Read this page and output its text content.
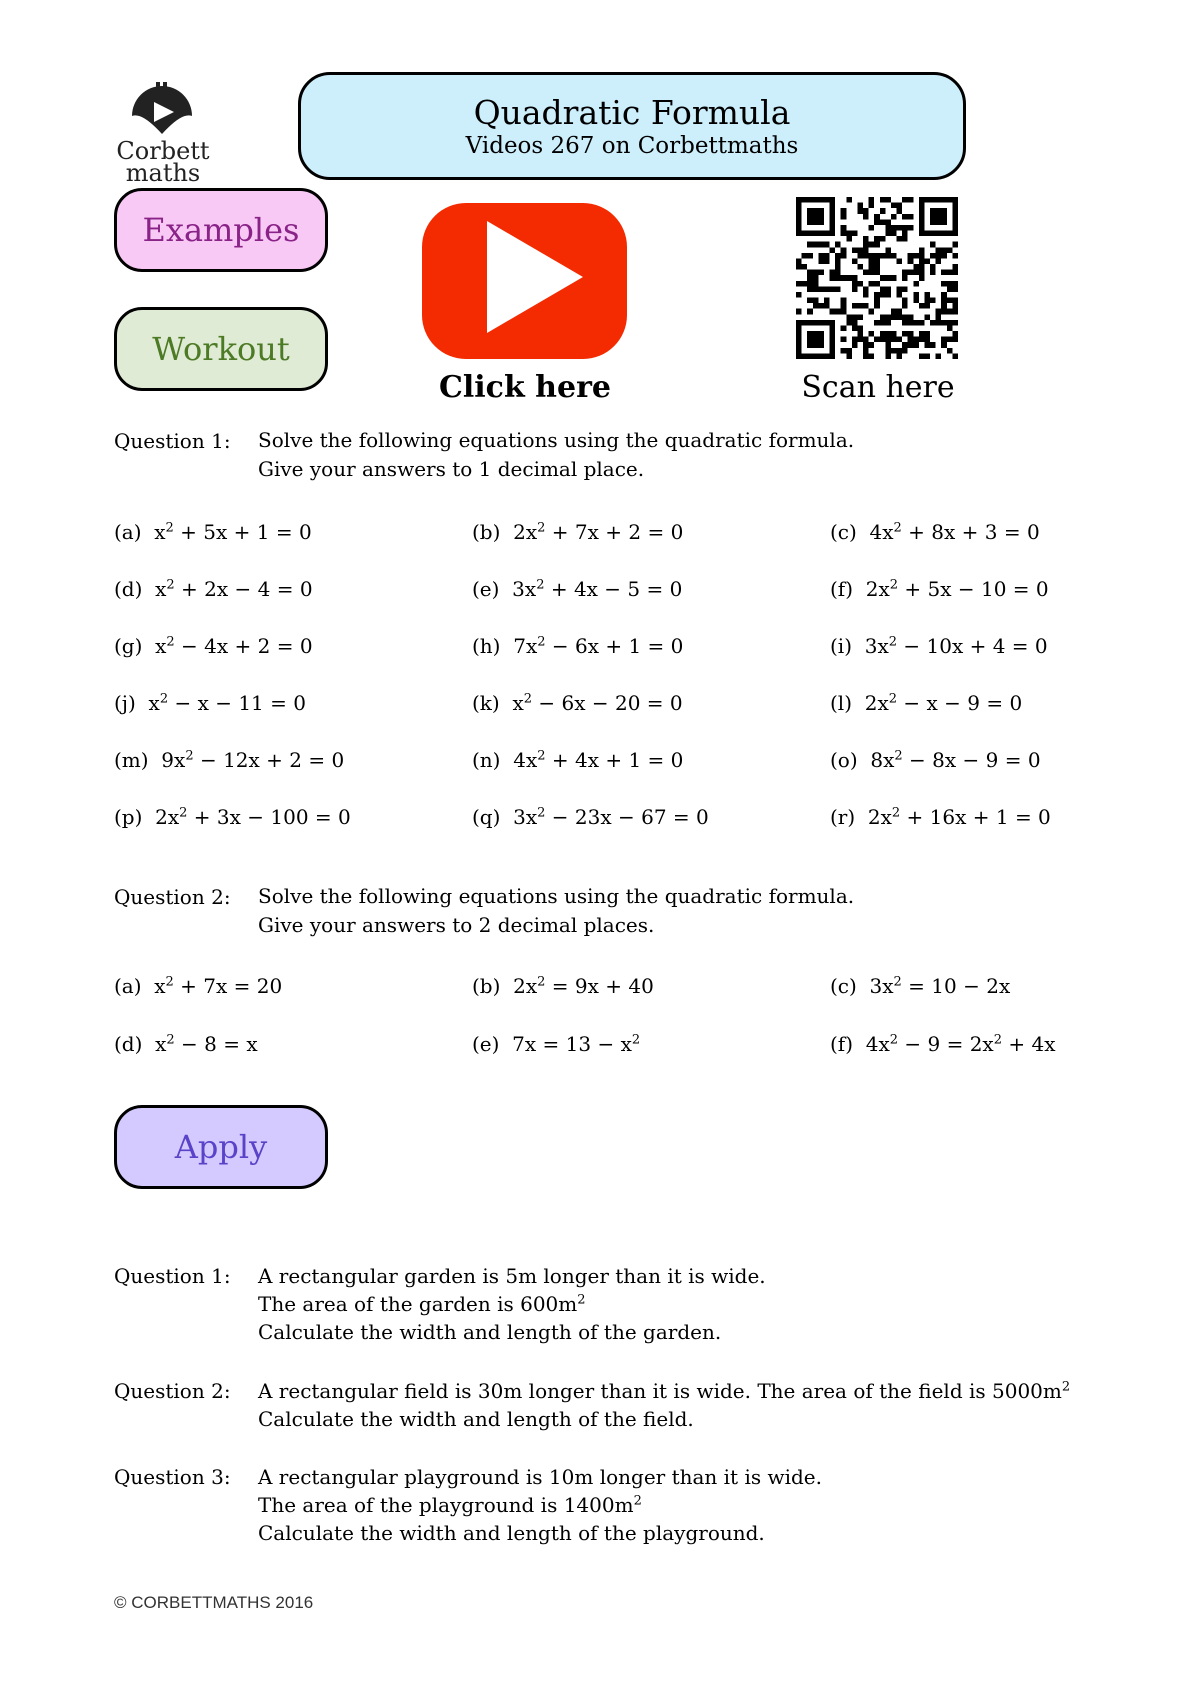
Corbett
maths
Quadratic Formula
Videos 267 on Corbettmaths
Examples
Workout
Click here	Scan here
Question 1: Solve the following equations using the quadratic formula.
Give your answers to 1 decimal place.
(a) $x^2 + 5x + 1 = 0$	(b) $2x^2 + 7x + 2 = 0$	(c) $4x^2 + 8x + 3 = 0$
(d) $x^2 + 2x - 4 = 0$	(e) $3x^2 + 4x - 5 = 0$	(f) $2x^2 + 5x - 10 = 0$
(g) $x^2 - 4x + 2 = 0$	(h) $7x^2 - 6x + 1 = 0$	(i) $3x^2 - 10x + 4 = 0$
(j) $x^2 - x - 11 = 0$	(k) $x^2 - 6x - 20 = 0$	(l) $2x^2 - x - 9 = 0$
(m) $9x^2 - 12x + 2 = 0$	(n) $4x^2 + 4x + 1 = 0$	(o) $8x^2 - 8x - 9 = 0$
(p) $2x^2 + 3x - 100 = 0$	(q) $3x^2 - 23x - 67 = 0$	(r) $2x^2 + 16x + 1 = 0$
Question 2: Solve the following equations using the quadratic formula.
Give your answers to 2 decimal places.
(a) $x^2 + 7x = 20$	(b) $2x^2 = 9x + 40$	(c) $3x^2 = 10 - 2x$
(d) $x^2 - 8 = x$	(e) $7x = 13 - x^2$	(f) $4x^2 - 9 = 2x^2 + 4x$
Apply
Question 1:	A rectangular garden is 5m longer than it is wide.
The area of the garden is $600m^2$
Calculate the width and length of the garden.
Question 2:	A rectangular field is 30m longer than it is wide. The area of the field is $5000m^2$
Calculate the width and length of the field.
Question 3:	A rectangular playground is 10m longer than it is wide.
The area of the playground is $1400m^2$
Calculate the width and length of the playground.
© CORBETTMATHS 2016
